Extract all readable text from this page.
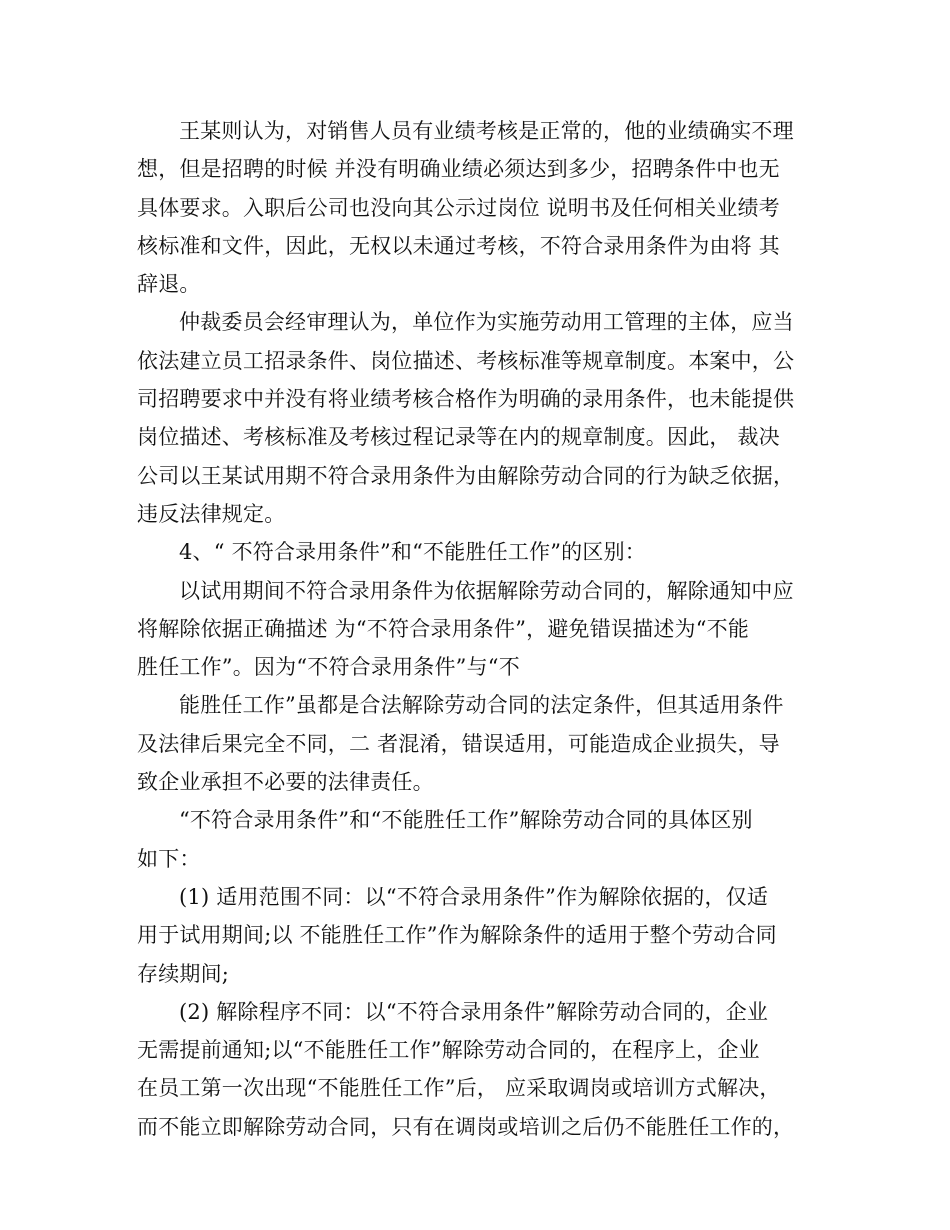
王某则认为，对销售人员有业绩考核是正常的，他的业绩确实不理
想，但是招聘的时候 并没有明确业绩必须达到多少，招聘条件中也无
具体要求。入职后公司也没向其公示过岗位 说明书及任何相关业绩考
核标准和文件，因此，无权以未通过考核，不符合录用条件为由将 其
辞退。
仲裁委员会经审理认为，单位作为实施劳动用工管理的主体，应当
依法建立员工招录条件、岗位描述、考核标准等规章制度。本案中，公
司招聘要求中并没有将业绩考核合格作为明确的录用条件，也未能提供
岗位描述、考核标准及考核过程记录等在内的规章制度。因此， 裁决
公司以王某试用期不符合录用条件为由解除劳动合同的行为缺乏依据，
违反法律规定。
4、“ 不符合录用条件”和“不能胜任工作”的区别：
以试用期间不符合录用条件为依据解除劳动合同的，解除通知中应
将解除依据正确描述 为“不符合录用条件”，避免错误描述为“不能
胜任工作”。因为“不符合录用条件”与“不
能胜任工作”虽都是合法解除劳动合同的法定条件，但其适用条件
及法律后果完全不同，二 者混淆，错误适用，可能造成企业损失，导
致企业承担不必要的法律责任。
“不符合录用条件”和“不能胜任工作”解除劳动合同的具体区别
如下：
(1) 适用范围不同：以“不符合录用条件”作为解除依据的，仅适
用于试用期间;以 不能胜任工作”作为解除条件的适用于整个劳动合同
存续期间;
(2) 解除程序不同：以“不符合录用条件”解除劳动合同的，企业
无需提前通知;以“不能胜任工作”解除劳动合同的，在程序上，企业
在员工第一次出现“不能胜任工作”后， 应采取调岗或培训方式解决，
而不能立即解除劳动合同，只有在调岗或培训之后仍不能胜任工作的，
